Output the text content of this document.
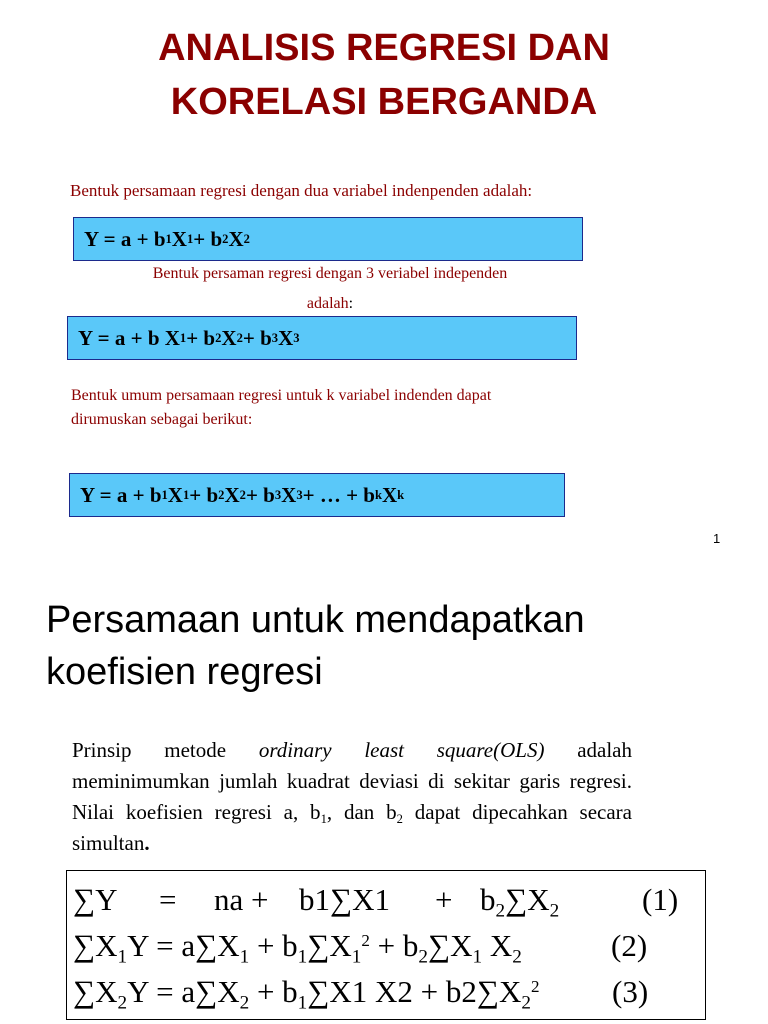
ANALISIS REGRESI DAN
KORELASI BERGANDA
Bentuk persamaan regresi dengan dua variabel indenpenden adalah:
Y = a + b 1 X 1 + b 2 X 2
Bentuk persaman regresi dengan 3 veriabel independen
adalah:
Y = a + b X 1 + b 2 X 2 + b 3 X 3
Bentuk umum persamaan regresi untuk k variabel indenden dapat
dirumuskan sebagai berikut:
Y = a + b 1 X 1 + b 2 X 2 + b 3 X 3 + … + b k X k
1
Persamaan untuk mendapatkan
koefisien regresi
Prinsip metode ordinary least square(OLS) adalah meminimumkan jumlah kuadrat deviasi di sekitar garis regresi. Nilai koefisien regresi a, $b_1$, dan $b_2$ dapat dipecahkan secara simultan.
∑Y = na + $b1\sum X1 + b_2\sum X_2$	(1)
$\sum X_1Y = a\sum X_1 + b_1\sum X_1^2 + b_2\sum X_1$ $X_2$	(2)
$\sum X_2Y = a\sum X_2 + b_1\sum X1$ $X2 + b2\sum X_2^2$ (3)
